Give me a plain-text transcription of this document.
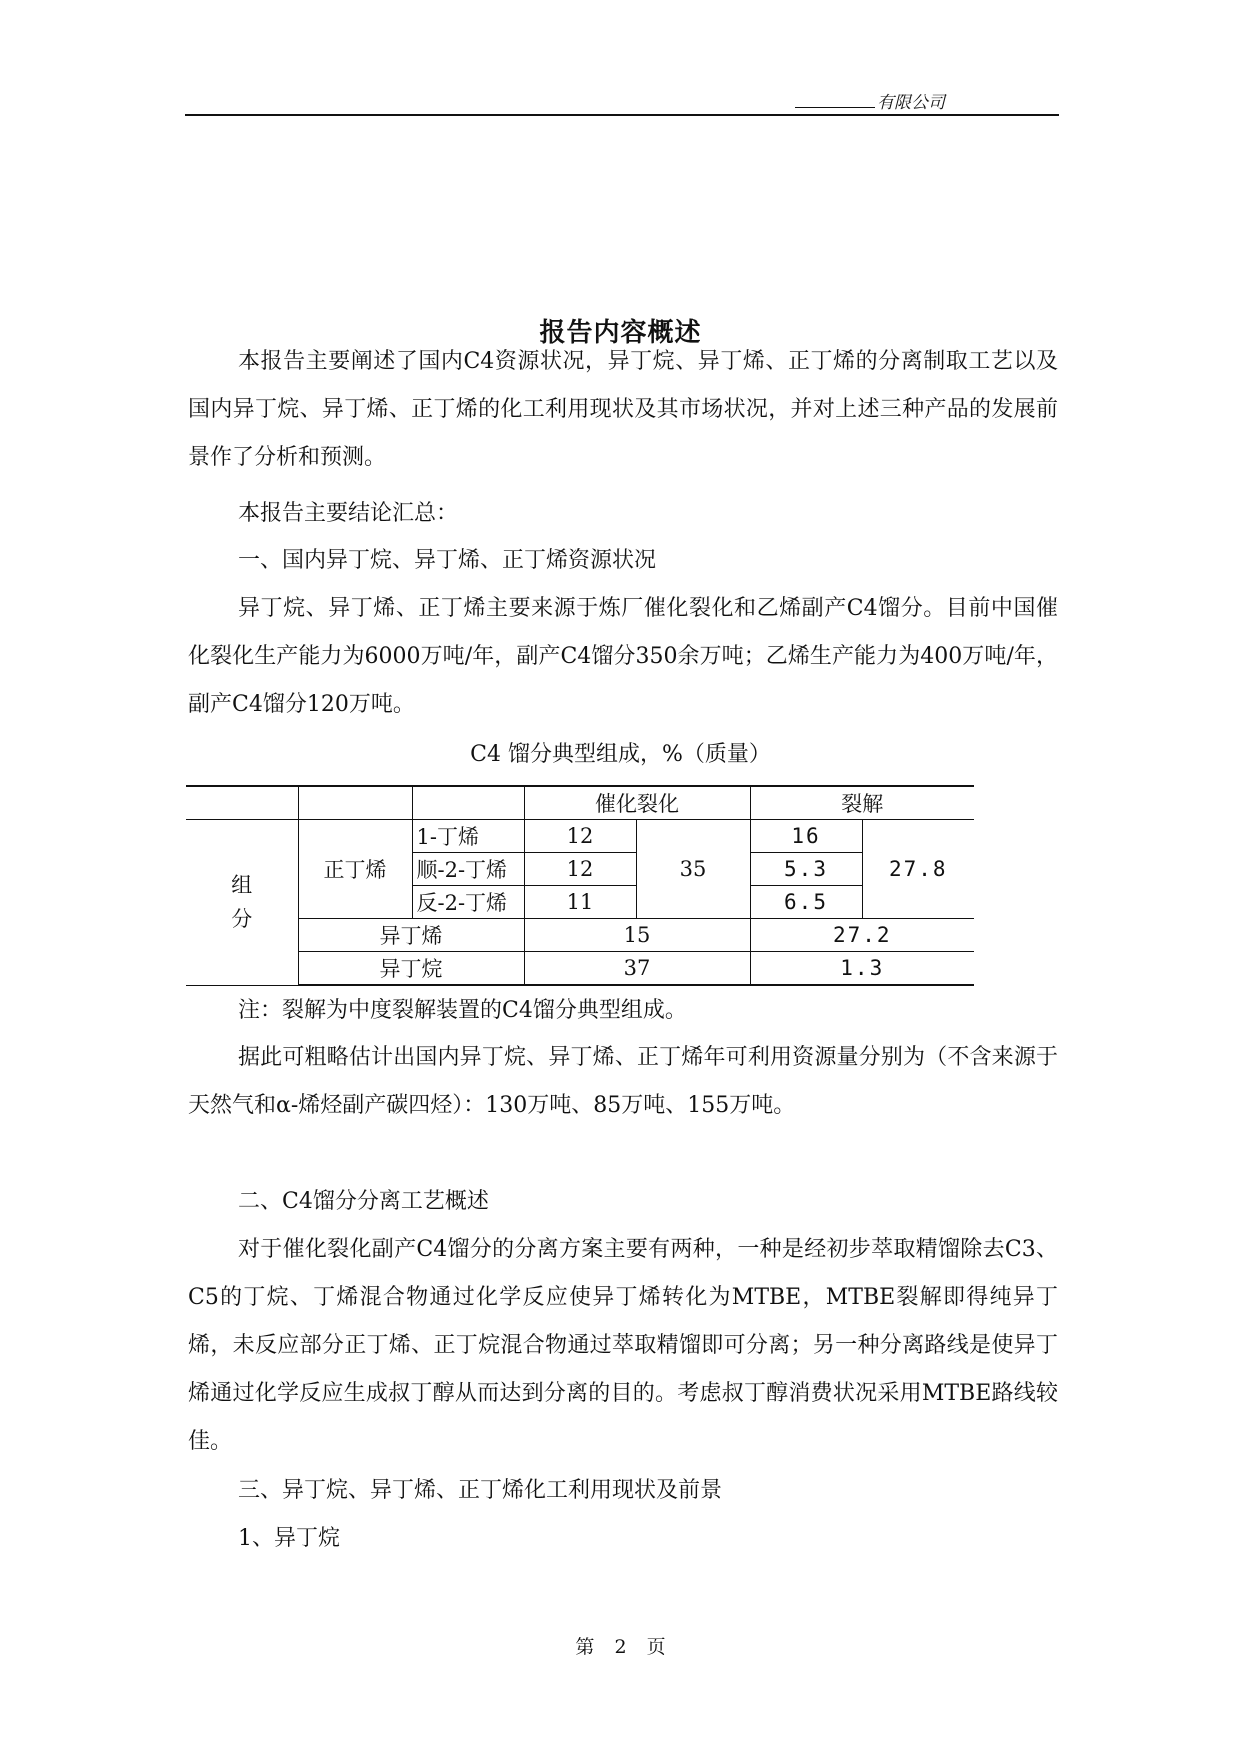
有限公司
报告内容概述
本报告主要阐述了国内C4资源状况，异丁烷、异丁烯、正丁烯的分离制取工艺以及国内异丁烷、异丁烯、正丁烯的化工利用现状及其市场状况，并对上述三种产品的发展前景作了分析和预测。
本报告主要结论汇总：
一、国内异丁烷、异丁烯、正丁烯资源状况
异丁烷、异丁烯、正丁烯主要来源于炼厂催化裂化和乙烯副产C4馏分。目前中国催化裂化生产能力为6000万吨/年，副产C4馏分350余万吨；乙烯生产能力为400万吨/年，副产C4馏分120万吨。
C4 馏分典型组成，%（质量）
			催化裂化		裂解	

组
分	正丁烯	1-丁烯	12	35	16	27.8
		顺-2-丁烯	12		5.3	
		反-2-丁烯	11		6.5	
	异丁烯		15		27.2	
	异丁烷		37		1.3	
注：裂解为中度裂解装置的C4馏分典型组成。
据此可粗略估计出国内异丁烷、异丁烯、正丁烯年可利用资源量分别为（不含来源于天然气和α-烯烃副产碳四烃）：130万吨、85万吨、155万吨。
二、C4馏分分离工艺概述
对于催化裂化副产C4馏分的分离方案主要有两种，一种是经初步萃取精馏除去C3、C5的丁烷、丁烯混合物通过化学反应使异丁烯转化为MTBE，MTBE裂解即得纯异丁烯，未反应部分正丁烯、正丁烷混合物通过萃取精馏即可分离；另一种分离路线是使异丁烯通过化学反应生成叔丁醇从而达到分离的目的。考虑叔丁醇消费状况采用MTBE路线较佳。
三、异丁烷、异丁烯、正丁烯化工利用现状及前景
1、异丁烷
第 2 页
